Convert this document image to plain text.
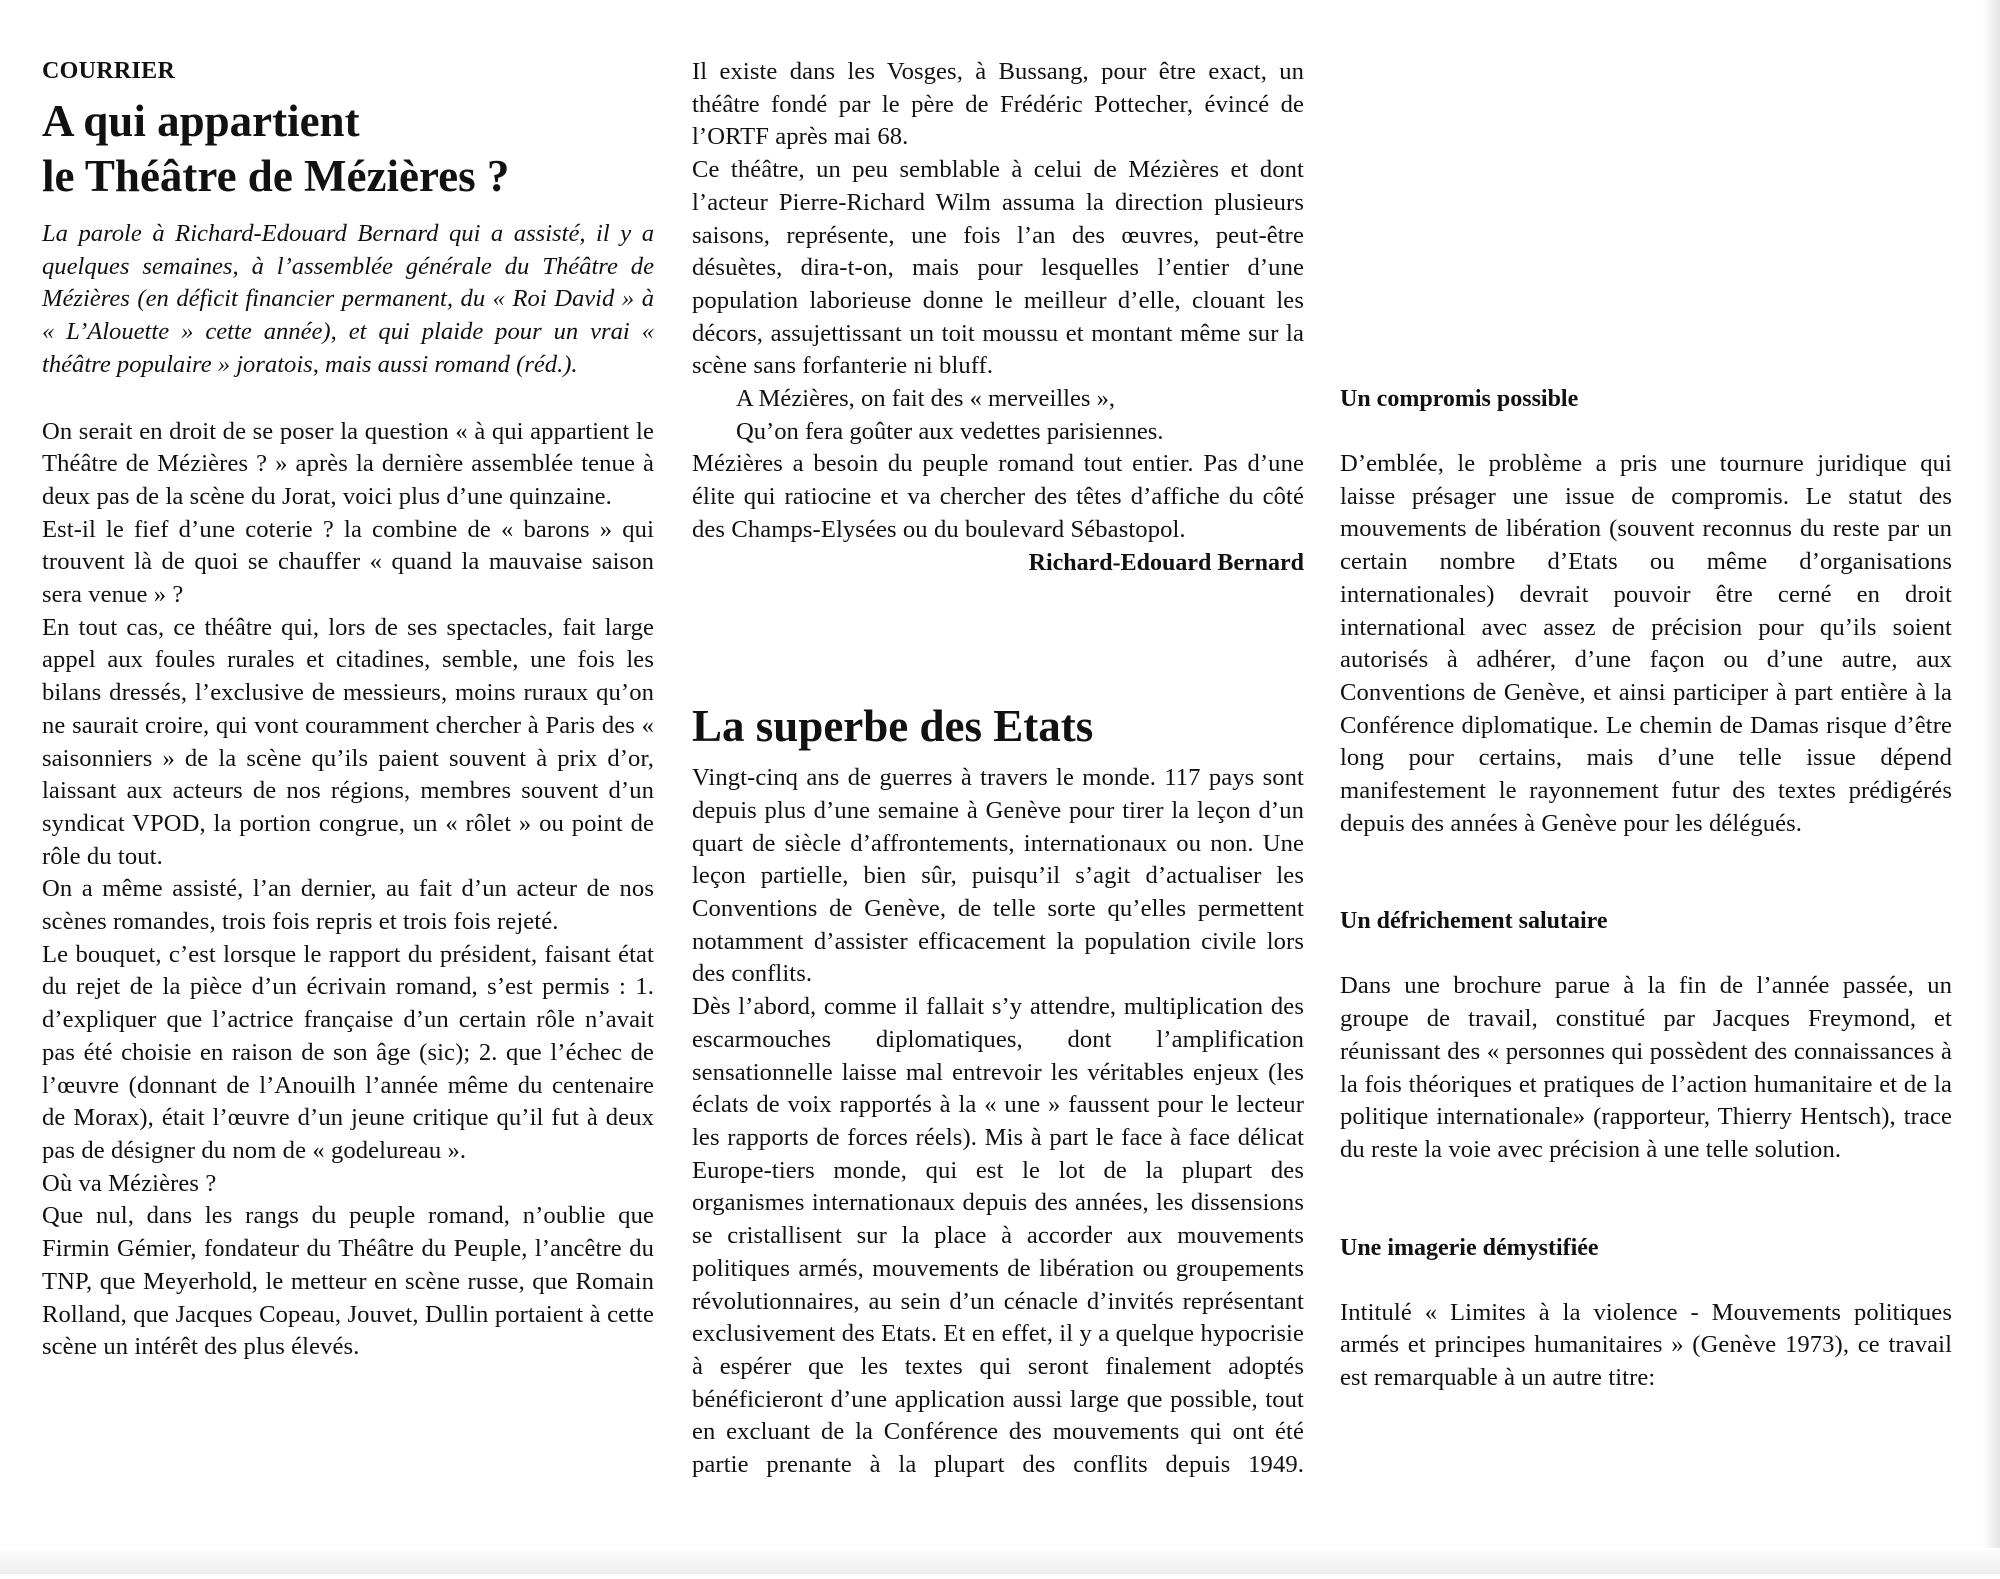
COURRIER
A qui appartient
le Théâtre de Mézières ?

La parole à Richard-Edouard Bernard qui a assisté, il y a quelques semaines, à l’assemblée générale du Théâtre de Mézières (en déficit financier permanent, du « Roi David » à « L’Alouette » cette année), et qui plaide pour un vrai « théâtre populaire » joratois, mais aussi romand (réd.).

On serait en droit de se poser la question « à qui appartient le Théâtre de Mézières ? » après la dernière assemblée tenue à deux pas de la scène du Jorat, voici plus d’une quinzaine.

Est-il le fief d’une coterie ? la combine de « barons » qui trouvent là de quoi se chauffer « quand la mauvaise saison sera venue » ?

En tout cas, ce théâtre qui, lors de ses spectacles, fait large appel aux foules rurales et citadines, semble, une fois les bilans dressés, l’exclusive de messieurs, moins ruraux qu’on ne saurait croire, qui vont couramment chercher à Paris des « saisonniers » de la scène qu’ils paient souvent à prix d’or, laissant aux acteurs de nos régions, membres souvent d’un syndicat VPOD, la portion congrue, un « rôlet » ou point de rôle du tout.

On a même assisté, l’an dernier, au fait d’un acteur de nos scènes romandes, trois fois repris et trois fois rejeté.

Le bouquet, c’est lorsque le rapport du président, faisant état du rejet de la pièce d’un écrivain romand, s’est permis : 1. d’expliquer que l’actrice française d’un certain rôle n’avait pas été choisie en raison de son âge (sic); 2. que l’échec de l’œuvre (donnant de l’Anouilh l’année même du centenaire de Morax), était l’œuvre d’un jeune critique qu’il fut à deux pas de désigner du nom de « godelureau ».

Où va Mézières ?

Que nul, dans les rangs du peuple romand, n’oublie que Firmin Gémier, fondateur du Théâtre du Peuple, l’ancêtre du TNP, que Meyerhold, le metteur en scène russe, que Romain Rolland, que Jacques Copeau, Jouvet, Dullin portaient à cette scène un intérêt des plus élevés.

Il existe dans les Vosges, à Bussang, pour être exact, un théâtre fondé par le père de Frédéric Pottecher, évincé de l’ORTF après mai 68.

Ce théâtre, un peu semblable à celui de Mézières et dont l’acteur Pierre-Richard Wilm assuma la direction plusieurs saisons, représente, une fois l’an des œuvres, peut-être désuètes, dira-t-on, mais pour lesquelles l’entier d’une population laborieuse donne le meilleur d’elle, clouant les décors, assujettissant un toit moussu et montant même sur la scène sans forfanterie ni bluff.

A Mézières, on fait des « merveilles »,

Qu’on fera goûter aux vedettes parisiennes.

Mézières a besoin du peuple romand tout entier. Pas d’une élite qui ratiocine et va chercher des têtes d’affiche du côté des Champs-Elysées ou du boulevard Sébastopol.

Richard-Edouard Bernard

La superbe des Etats

Vingt-cinq ans de guerres à travers le monde. 117 pays sont depuis plus d’une semaine à Genève pour tirer la leçon d’un quart de siècle d’affrontements, internationaux ou non. Une leçon partielle, bien sûr, puisqu’il s’agit d’actualiser les Conventions de Genève, de telle sorte qu’elles permettent notamment d’assister efficacement la population civile lors des conflits.

Dès l’abord, comme il fallait s’y attendre, multiplication des escarmouches diplomatiques, dont l’amplification sensationnelle laisse mal entrevoir les véritables enjeux (les éclats de voix rapportés à la « une » faussent pour le lecteur les rapports de forces réels). Mis à part le face à face délicat Europe-tiers monde, qui est le lot de la plupart des organismes internationaux depuis des années, les dissensions se cristallisent sur la place à accorder aux mouvements politiques armés, mouvements de libération ou groupements révolutionnaires, au sein d’un cénacle d’invités représentant exclusivement des Etats. Et en effet, il y a quelque hypocrisie à espérer que les textes qui seront finalement adoptés bénéficieront d’une application aussi large que possible, tout en excluant de la Conférence des mouvements qui ont été partie prenante à la plupart des conflits depuis 1949.

Un compromis possible

D’emblée, le problème a pris une tournure juridique qui laisse présager une issue de compromis. Le statut des mouvements de libération (souvent reconnus du reste par un certain nombre d’Etats ou même d’organisations internationales) devrait pouvoir être cerné en droit international avec assez de précision pour qu’ils soient autorisés à adhérer, d’une façon ou d’une autre, aux Conventions de Genève, et ainsi participer à part entière à la Conférence diplomatique. Le chemin de Damas risque d’être long pour certains, mais d’une telle issue dépend manifestement le rayonnement futur des textes prédigérés depuis des années à Genève pour les délégués.

Un défrichement salutaire

Dans une brochure parue à la fin de l’année passée, un groupe de travail, constitué par Jacques Freymond, et réunissant des « personnes qui possèdent des connaissances à la fois théoriques et pratiques de l’action humanitaire et de la politique internationale» (rapporteur, Thierry Hentsch), trace du reste la voie avec précision à une telle solution.

Une imagerie démystifiée

Intitulé « Limites à la violence - Mouvements politiques armés et principes humanitaires » (Genève 1973), ce travail est remarquable à un autre titre:
